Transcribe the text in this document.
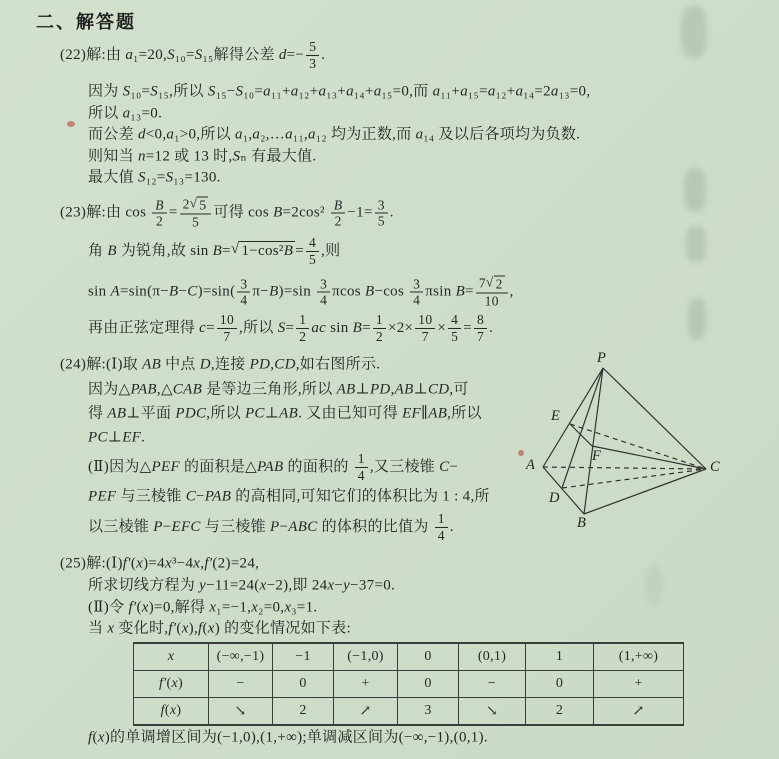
二、解答题
(22)解:由 a ₁=20, S ₁₀= S ₁₅解得公差 $d =- \frac{5}{3}$ .
因为 S ₁₀= S ₁₅,所以 S ₁₅− S ₁₀= a ₁₁+ a ₁₂+ a ₁₃+ a ₁₄+ a ₁₅=0,而 a ₁₁+ a ₁₅= a ₁₂+ a ₁₄=2 a ₁₃=0,
所以 a ₁₃=0.
而公差 d <0, a ₁>0,所以 a ₁, a ₂,… a ₁₁, a ₁₂ 均为正数,而 a ₁₄ 及以后各项均为负数.
则知当 n =12 或 13 时, S ₙ 有最大值.
最大值 S ₁₂= S ₁₃=130.
(23)解:由 cos
$\frac{B}{2} = \frac{2 √ 5}{5}$ 可得 cos
B =2 cos ²
B
2
$-1= \frac{3}{5}$ .
角 B 为锐角,故 sin
B = √ $1-\cos^2B = \frac{4}{5}$ ,则
sin
A = sin (π− B − C )= sin (
3
4
π− B )= sin

3
4
π cos
B − cos

3
4
π sin
$B = \frac{7 √ 2}{10}$ ,
再由正弦定理得 $c = \frac{10}{7}$ ,所以 $S = \frac{1}{2}$ ac
sin
$B = \frac{1}{2} \times 2\times \frac{10}{7} \times \frac{4}{5} = \frac{8}{7}$ .
(24)解:(Ⅰ)取 AB 中点 D ,连接 PD , CD ,如右图所示.
因为△ PAB ,△ CAB 是等边三角形,所以 AB ⊥ PD , AB ⊥ CD ,可
得 AB ⊥平面 PDC ,所以 PC ⊥ AB . 又由已知可得 EF ∥ AB ,所以
PC ⊥ EF .
(Ⅱ)因为△ PEF 的面积是△ PAB 的面积的
1
4
,又三棱锥 C −
PEF 与三棱锥 C − PAB 的高相同,可知它们的体积比为 1 : 4,所
以三棱锥 P − EFC 与三棱锥 P − ABC 的体积的比值为
1
4
.
(25)解:(Ⅰ) f′ ( x )=4 x ³−4 x , f′ (2)=24,
所求切线方程为 y −11=24( x −2),即 24 x − y −37=0.
(Ⅱ)令 f′ ( x )=0,解得 x ₁=−1, x ₂=0, x ₃=1.
当 x 变化时, f′ ( x ), f ( x ) 的变化情况如下表:
x	(−∞,−1)	−1	(−1,0)	0	(0,1)	1	(1,+∞)
f′(x)	−	0	+	0	−	0	+
f(x)	↘	2	↗	3	↘	2	↗
f ( x )的单调增区间为(−1,0),(1,+∞);单调减区间为(−∞,−1),(0,1).
P
E
F
A	C
D
B
